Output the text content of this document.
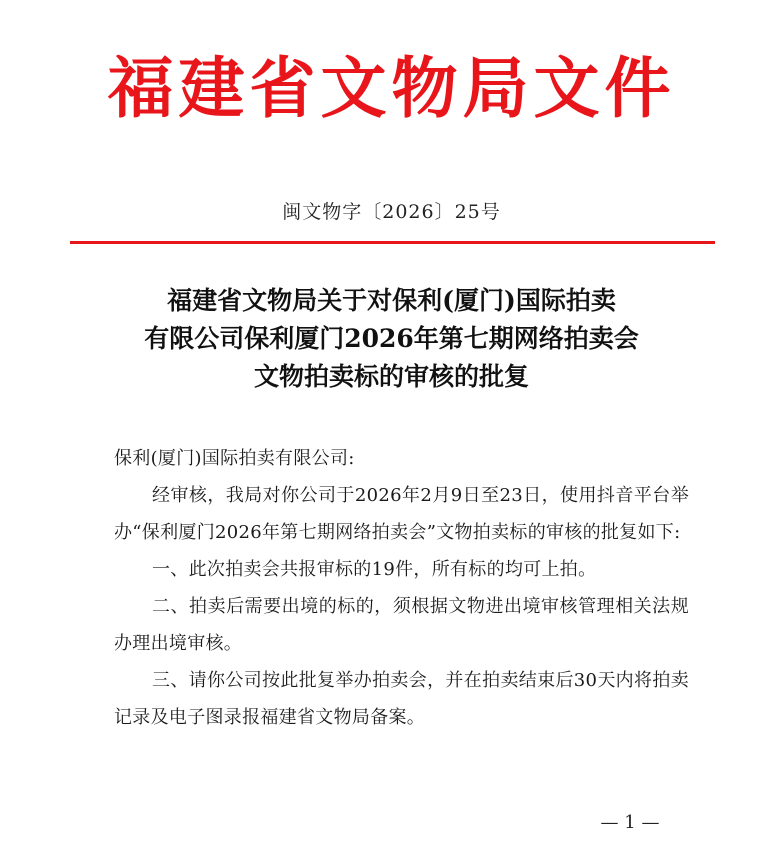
福建省文物局文件
闽文物字〔2026〕25号
福建省文物局关于对保利(厦门)国际拍卖
有限公司保利厦门2026年第七期网络拍卖会
文物拍卖标的审核的批复

保利(厦门)国际拍卖有限公司:

经审核，我局对你公司于2026年2月9日至23日，使用抖音平台举办“保利厦门2026年第七期网络拍卖会”文物拍卖标的审核的批复如下:

一、此次拍卖会共报审标的19件，所有标的均可上拍。

二、拍卖后需要出境的标的，须根据文物进出境审核管理相关法规办理出境审核。

三、请你公司按此批复举办拍卖会，并在拍卖结束后30天内将拍卖记录及电子图录报福建省文物局备案。

— 1 —
